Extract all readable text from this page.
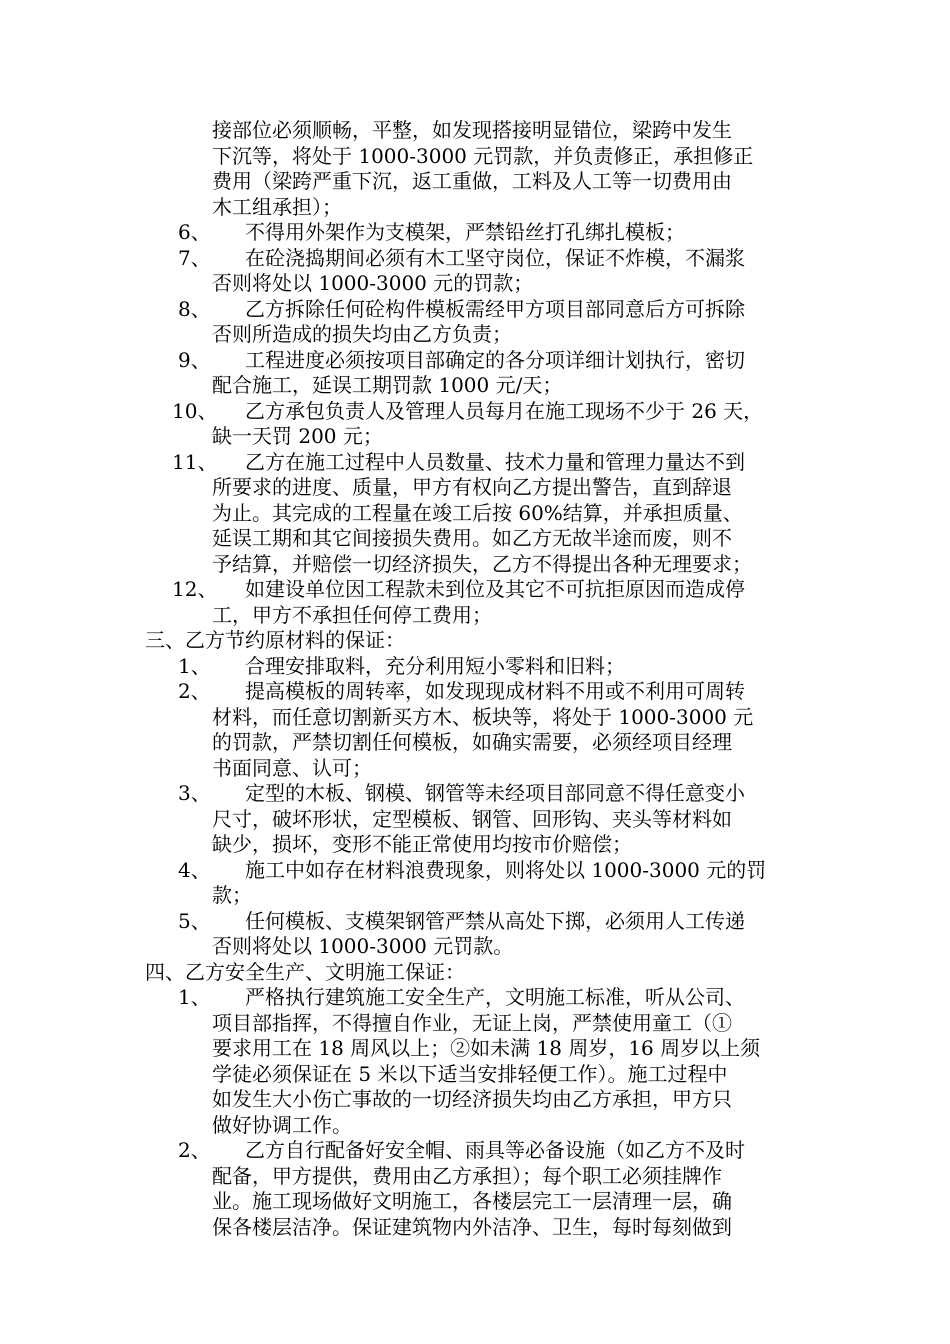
接部位必须顺畅，平整，如发现搭接明显错位，梁跨中发生
下沉等，将处于 1000-3000 元罚款，并负责修正，承担修正
费用（梁跨严重下沉，返工重做，工料及人工等一切费用由
木工组承担）；
6、 不得用外架作为支模架，严禁铅丝打孔绑扎模板；
7、 在砼浇捣期间必须有木工坚守岗位，保证不炸模，不漏浆
否则将处以 1000-3000 元的罚款；
8、 乙方拆除任何砼构件模板需经甲方项目部同意后方可拆除
否则所造成的损失均由乙方负责；
9、 工程进度必须按项目部确定的各分项详细计划执行，密切
配合施工，延误工期罚款 1000 元/天；
10、 乙方承包负责人及管理人员每月在施工现场不少于 26 天，
缺一天罚 200 元；
11、 乙方在施工过程中人员数量、技术力量和管理力量达不到
所要求的进度、质量，甲方有权向乙方提出警告，直到辞退
为止。其完成的工程量在竣工后按 60%结算，并承担质量、
延误工期和其它间接损失费用。如乙方无故半途而废，则不
予结算，并赔偿一切经济损失，乙方不得提出各种无理要求；
12、 如建设单位因工程款未到位及其它不可抗拒原因而造成停
工，甲方不承担任何停工费用；
三、乙方节约原材料的保证：
1、 合理安排取料，充分利用短小零料和旧料；
2、 提高模板的周转率，如发现现成材料不用或不利用可周转
材料，而任意切割新买方木、板块等，将处于 1000-3000 元
的罚款，严禁切割任何模板，如确实需要，必须经项目经理
书面同意、认可；
3、 定型的木板、钢模、钢管等未经项目部同意不得任意变小
尺寸，破坏形状，定型模板、钢管、回形钩、夹头等材料如
缺少，损坏，变形不能正常使用均按市价赔偿；
4、 施工中如存在材料浪费现象，则将处以 1000-3000 元的罚
款；
5、 任何模板、支模架钢管严禁从高处下掷，必须用人工传递
否则将处以 1000-3000 元罚款。
四、乙方安全生产、文明施工保证：
1、 严格执行建筑施工安全生产，文明施工标准，听从公司、
项目部指挥，不得擅自作业，无证上岗，严禁使用童工（①
要求用工在 18 周风以上；②如未满 18 周岁，16 周岁以上须
学徒必须保证在 5 米以下适当安排轻便工作）。施工过程中
如发生大小伤亡事故的一切经济损失均由乙方承担，甲方只
做好协调工作。
2、 乙方自行配备好安全帽、雨具等必备设施（如乙方不及时
配备，甲方提供，费用由乙方承担）；每个职工必须挂牌作
业。施工现场做好文明施工，各楼层完工一层清理一层，确
保各楼层洁净。保证建筑物内外洁净、卫生，每时每刻做到
